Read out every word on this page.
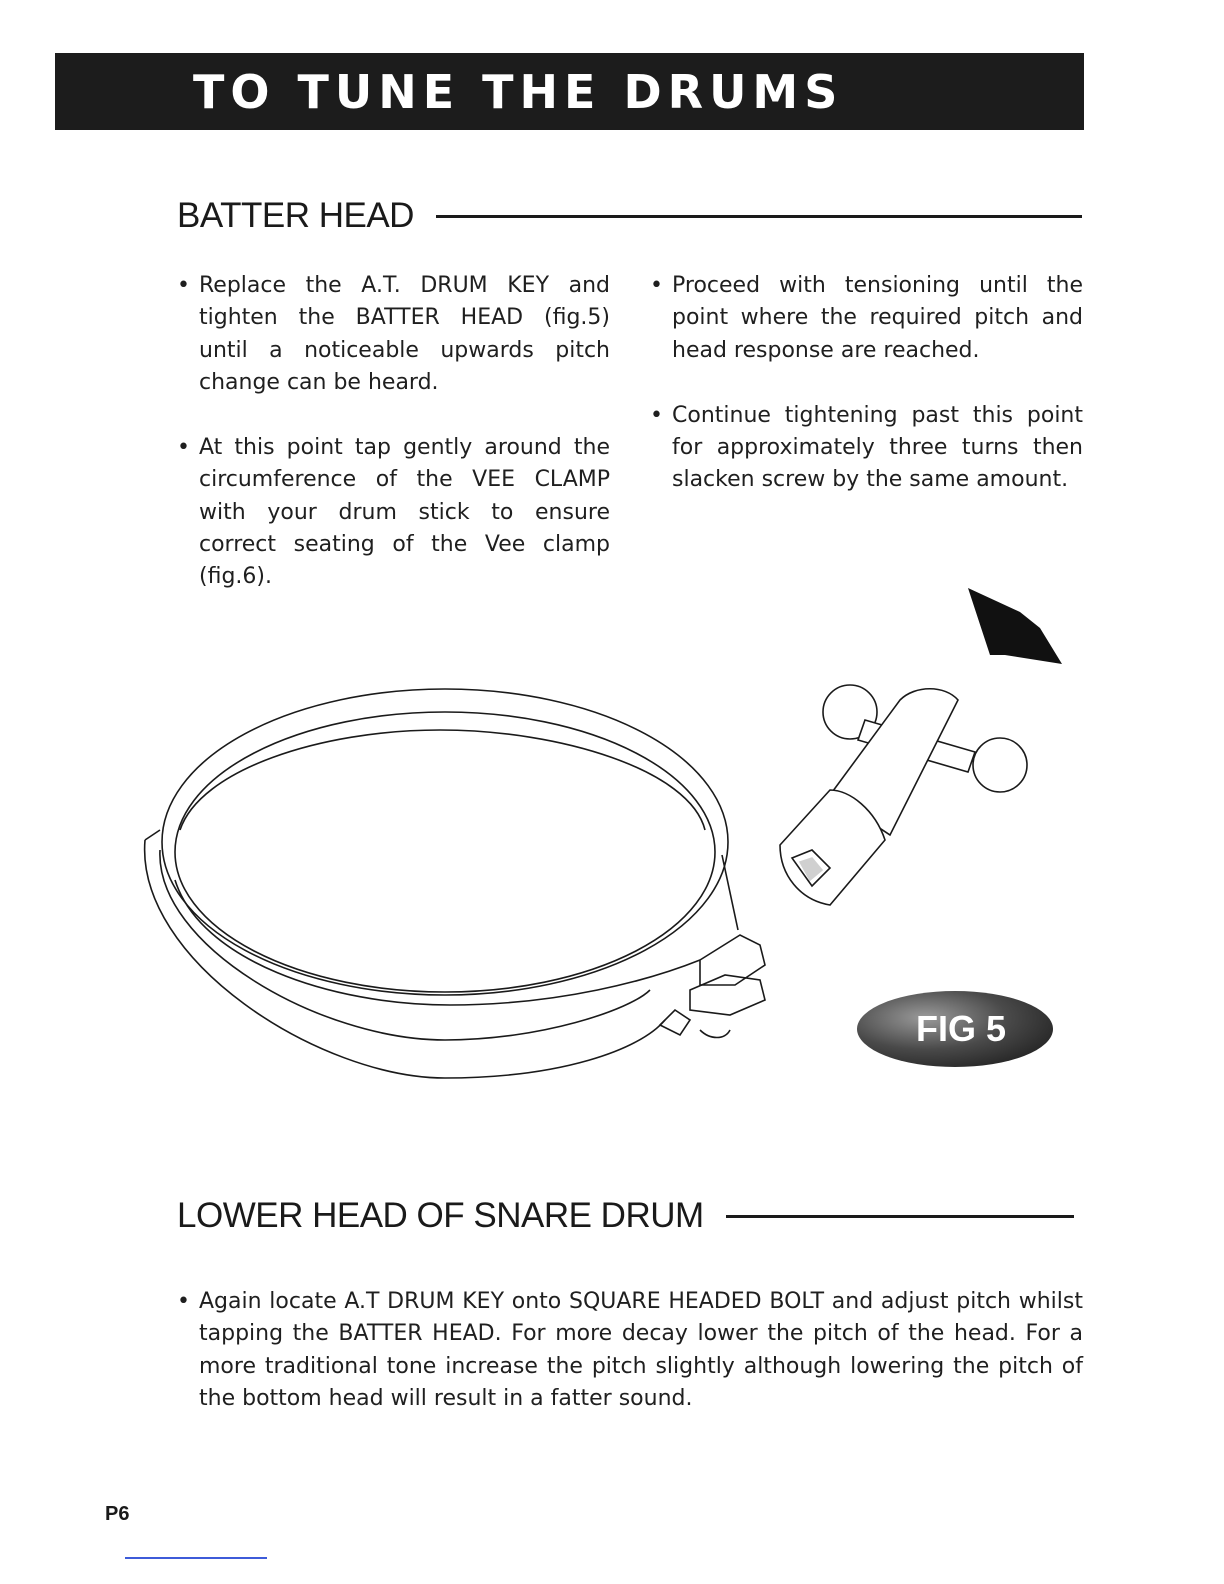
TO TUNE THE DRUMS
BATTER HEAD
• Replace the A.T. DRUM KEY and tighten the BATTER HEAD (fig.5) until a noticeable upwards pitch change can be heard.
• At this point tap gently around the circumference of the VEE CLAMP with your drum stick to ensure correct seating of the Vee clamp (fig.6).
• Proceed with tensioning until the point where the required pitch and head response are reached.
• Continue tightening past this point for approximately three turns then slacken screw by the same amount.
FIG 5
LOWER HEAD OF SNARE DRUM
• Again locate A.T DRUM KEY onto SQUARE HEADED BOLT and adjust pitch whilst tapping the BATTER HEAD. For more decay lower the pitch of the head. For a more traditional tone increase the pitch slightly although lowering the pitch of the bottom head will result in a fatter sound.
P6
